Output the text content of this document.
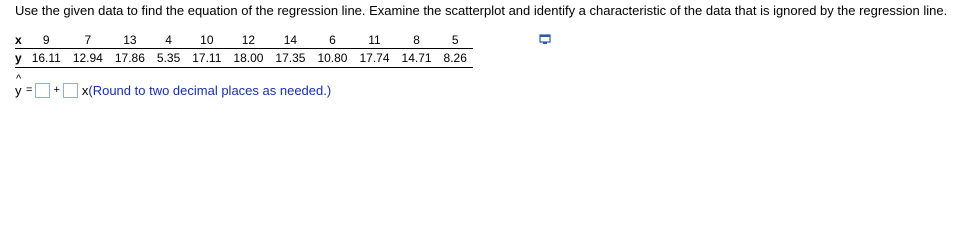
Use the given data to find the equation of the regression line. Examine the scatterplot and identify a characteristic of the data that is ignored by the regression line.

x	9	7	13	4	10	12	14	6	11	8	5
y	16.11	12.94	17.86	5.35	17.11	18.00	17.35	10.80	17.74	14.71	8.26
^
y = + x (Round to two decimal places as needed.)
